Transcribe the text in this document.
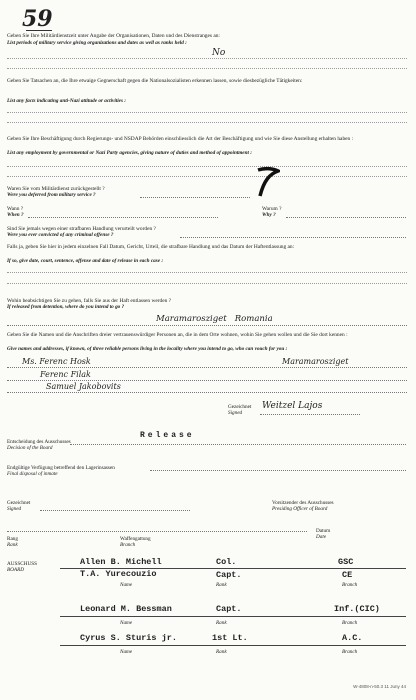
59
Geben Sie Ihre Militärdienstzeit unter Angabe der Organisationen, Daten und des Dienstranges an:
List periods of military service giving organizations and dates as well as ranks held :
No
Geben Sie Tatsachen an, die Ihre etwaige Gegnerschaft gegen die Nationalsozialisten erkennen lassen, sowie diesbezügliche Tätigkeiten:
List any facts indicating anti-Nazi attitude or activities :
Geben Sie Ihre Beschäftigung durch Regierungs- und NSDAP Behörden einschliesslich die Art der Beschäftigung und wie Sie diese Anstellung erhalten haben :
List any employment by governmental or Nazi Party agencies, giving nature of duties and method of appointment :
Waren Sie vom Militärdienst zurückgestellt ?
Were you deferred from military service ?
Wann ?
When ?
Warum ?
Why ?
Sind Sie jemals wegen einer strafbaren Handlung verurteilt worden ?
Were you ever convicted of any criminal offense ?
Falls ja, geben Sie hier in jedem einzelnen Fall Datum, Gericht, Urteil, die strafbare Handlung und das Datum der Haftentlassung an:
If so, give date, court, sentence, offense and date of release in each case :
Wohin beabsichtigen Sie zu gehen, falls Sie aus der Haft entlassen werden ?
If released from detention, where do you intend to go ?
Maramarosziget   Romania
Geben Sie die Namen und die Anschriften dreier vertrauenswürdiger Personen an, die in dem Orte wohnen, wohin Sie gehen wollen und die Sie dort kennen :
Give names and addresses, if known, of three reliable persons living in the locality where you intend to go, who can vouch for you :
Ms. Ferenc Hosk	Maramarosziget
Ferenc Filak
Samuel Jakobovits
Gezeichnet
Signed
Weitzel Lajos
Entscheidung des Ausschusses
Decision of the Board
Release
Endgültige Verfügung betreffend den Lagerinsassen
Final disposal of inmate
Gezeichnet
Signed
Vorsitzender des Ausschusses
Presiding Officer of Board
Datum
Date
Rang
Rank
Waffengattung
Branch
AUSSCHUSS
BOARD
Allen B. Michell	Col.	GSC
T.A. Yurecouzio	Capt.	CE
Name	Rank	Branch
Leonard M. Bessman	Capt.	Inf.(CIC)
Name	Rank	Branch
Cyrus S. Sturis jr.	1st Lt.	A.C.
Name	Rank	Branch
W-4808-n-50.3 11 Juny 44
